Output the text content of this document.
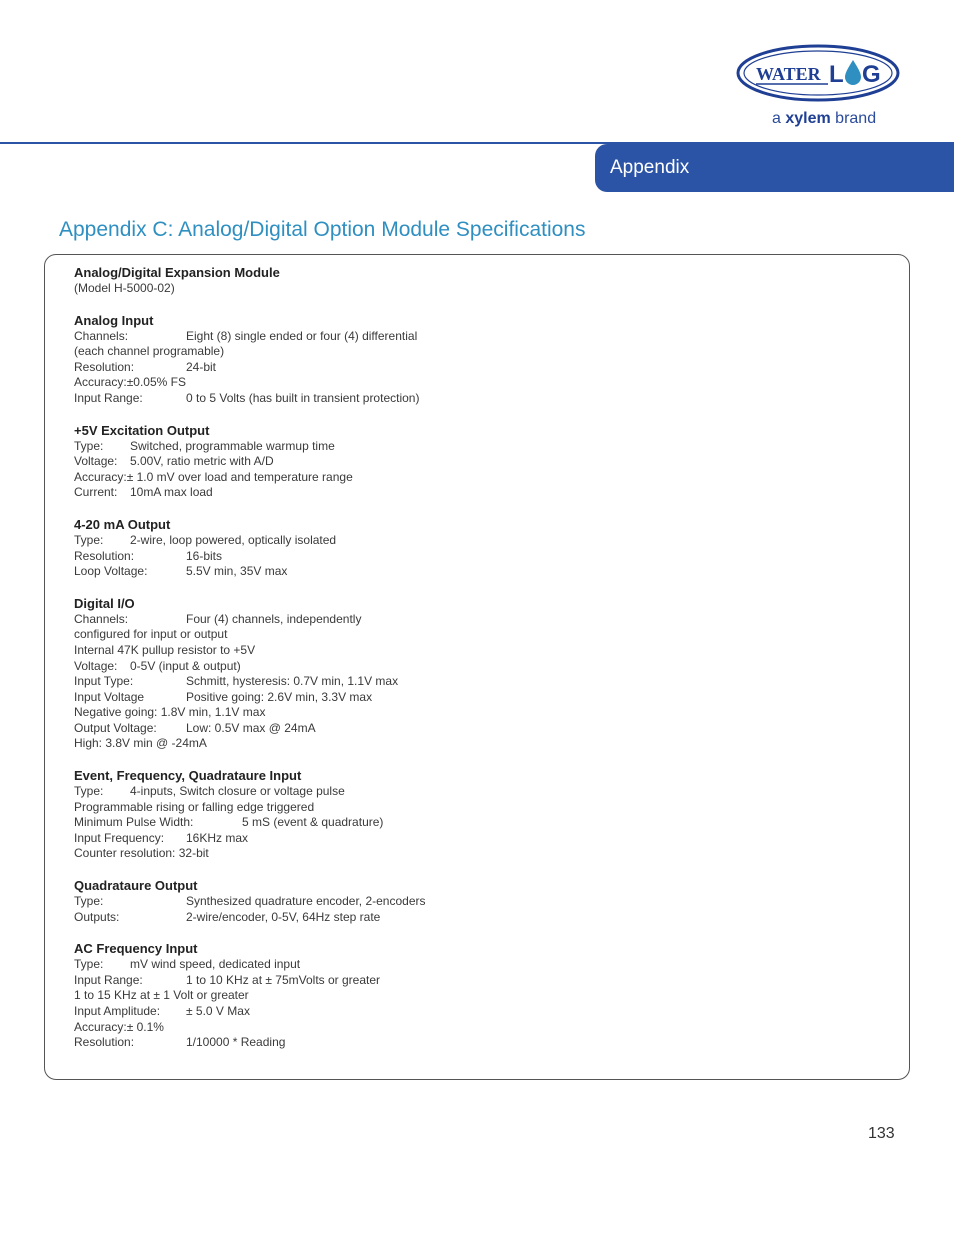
WATER L G
a xylem brand
Appendix
Appendix C: Analog/Digital Option Module Specifications
Analog/Digital Expansion Module
(Model H-5000-02)
Analog Input
Channels:	Eight (8) single ended or four (4) differential
(each channel programable)
Resolution:	24-bit
Accuracy:±0.05% FS
Input Range:	0 to 5 Volts (has built in transient protection)
+5V Excitation Output
Type: Switched, programmable warmup time
Voltage: 5.00V, ratio metric with A/D
Accuracy:± 1.0 mV over load and temperature range
Current: 10mA max load
4-20 mA Output
Type: 2-wire, loop powered, optically isolated
Resolution:	16-bits
Loop Voltage:	5.5V min, 35V max
Digital I/O
Channels:	Four (4) channels, independently
configured for input or output
Internal 47K pullup resistor to +5V
Voltage: 0-5V (input & output)
Input Type:	Schmitt, hysteresis: 0.7V min, 1.1V max
Input Voltage	Positive going: 2.6V min, 3.3V max
Negative going: 1.8V min, 1.1V max
Output Voltage: Low: 0.5V max @ 24mA
High: 3.8V min @ -24mA
Event, Frequency, Quadrataure Input
Type: 4-inputs, Switch closure or voltage pulse
Programmable rising or falling edge triggered
Minimum Pulse Width:	5 mS (event & quadrature)
Input Frequency: 16KHz max
Counter resolution: 32-bit
Quadrataure Output
Type:	Synthesized quadrature encoder, 2-encoders
Outputs:	2-wire/encoder, 0-5V, 64Hz step rate
AC Frequency Input
Type: mV wind speed, dedicated input
Input Range:	1 to 10 KHz at ± 75mVolts or greater
1 to 15 KHz at ± 1 Volt or greater
Input Amplitude: ± 5.0 V Max
Accuracy:± 0.1%
Resolution:	1/10000 * Reading
133
